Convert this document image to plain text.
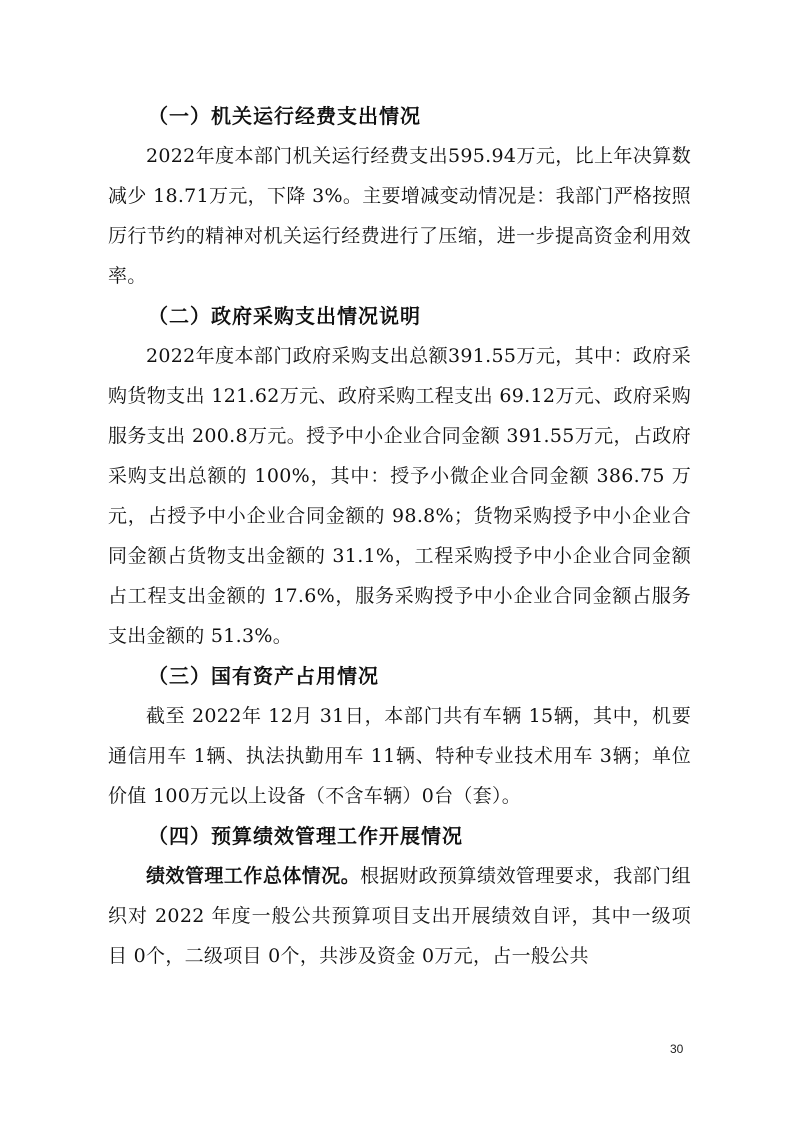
（一）机关运行经费支出情况

2022年度本部门机关运行经费支出595.94万元，比上年决算数减少 18.71万元，下降 3%。主要增减变动情况是：我部门严格按照厉行节约的精神对机关运行经费进行了压缩，进一步提高资金利用效率。

（二）政府采购支出情况说明

2022年度本部门政府采购支出总额391.55万元，其中：政府采购货物支出 121.62万元、政府采购工程支出 69.12万元、政府采购服务支出 200.8万元。授予中小企业合同金额 391.55万元，占政府采购支出总额的 100%，其中：授予小微企业合同金额 386.75 万元，占授予中小企业合同金额的 98.8%；货物采购授予中小企业合同金额占货物支出金额的 31.1%，工程采购授予中小企业合同金额占工程支出金额的 17.6%，服务采购授予中小企业合同金额占服务支出金额的 51.3%。

（三）国有资产占用情况

截至 2022年 12月 31日，本部门共有车辆 15辆，其中，机要通信用车 1辆、执法执勤用车 11辆、特种专业技术用车 3辆；单位价值 100万元以上设备（不含车辆）0台（套）。

（四）预算绩效管理工作开展情况

绩效管理工作总体情况。根据财政预算绩效管理要求，我部门组织对 2022 年度一般公共预算项目支出开展绩效自评，其中一级项目 0个，二级项目 0个，共涉及资金 0万元，占一般公共

30
